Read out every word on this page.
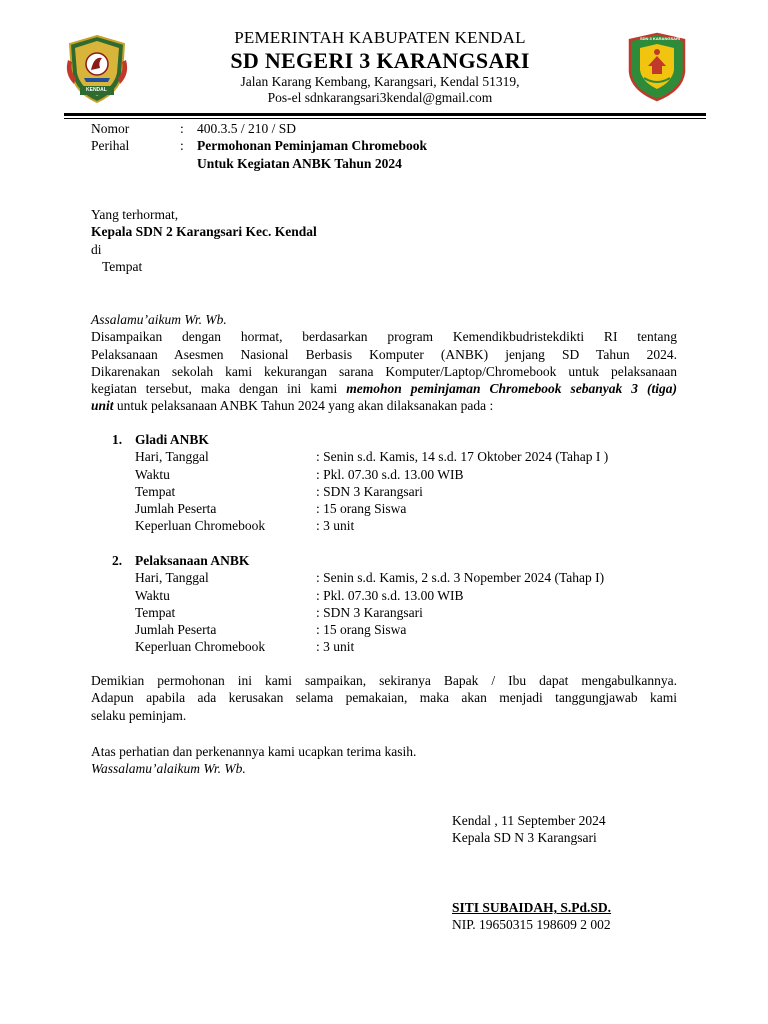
KENDAL
PEMERINTAH KABUPATEN KENDAL
SD NEGERI 3 KARANGSARI
Jalan Karang Kembang, Karangsari, Kendal 51319,
Pos-el sdnkarangsari3kendal@gmail.com
SDN 3 KARANGSARI
Nomor	: 400.3.5 / 210 / SD
Perihal	: Permohonan Peminjaman Chromebook
Untuk Kegiatan ANBK Tahun 2024
Yang terhormat,
Kepala SDN 2 Karangsari Kec. Kendal
di
Tempat
Assalamu’aikum Wr. Wb.
Disampaikan dengan hormat, berdasarkan program Kemendikbudristekdikti RI tentang
Pelaksanaan Asesmen Nasional Berbasis Komputer (ANBK) jenjang SD Tahun 2024.
Dikarenakan sekolah kami kekurangan sarana Komputer/Laptop/Chromebook untuk pelaksanaan
kegiatan tersebut, maka dengan ini kami memohon peminjaman Chromebook sebanyak 3 (tiga)
unit untuk pelaksanaan ANBK Tahun 2024 yang akan dilaksanakan pada :
1. Gladi ANBK
Hari, Tanggal	: Senin s.d. Kamis, 14 s.d. 17 Oktober 2024 (Tahap I )
Waktu	: Pkl. 07.30 s.d. 13.00 WIB
Tempat	: SDN 3 Karangsari
Jumlah Peserta	: 15 orang Siswa
Keperluan Chromebook	: 3 unit
2. Pelaksanaan ANBK
Hari, Tanggal	: Senin s.d. Kamis, 2 s.d. 3 Nopember 2024 (Tahap I)
Waktu	: Pkl. 07.30 s.d. 13.00 WIB
Tempat	: SDN 3 Karangsari
Jumlah Peserta	: 15 orang Siswa
Keperluan Chromebook	: 3 unit
Demikian permohonan ini kami sampaikan, sekiranya Bapak / Ibu dapat mengabulkannya.
Adapun apabila ada kerusakan selama pemakaian, maka akan menjadi tanggungjawab kami
selaku peminjam.
Atas perhatian dan perkenannya kami ucapkan terima kasih.
Wassalamu’alaikum Wr. Wb.
Kendal , 11 September 2024
Kepala SD N 3 Karangsari
SITI SUBAIDAH, S.Pd.SD.
NIP. 19650315 198609 2 002
